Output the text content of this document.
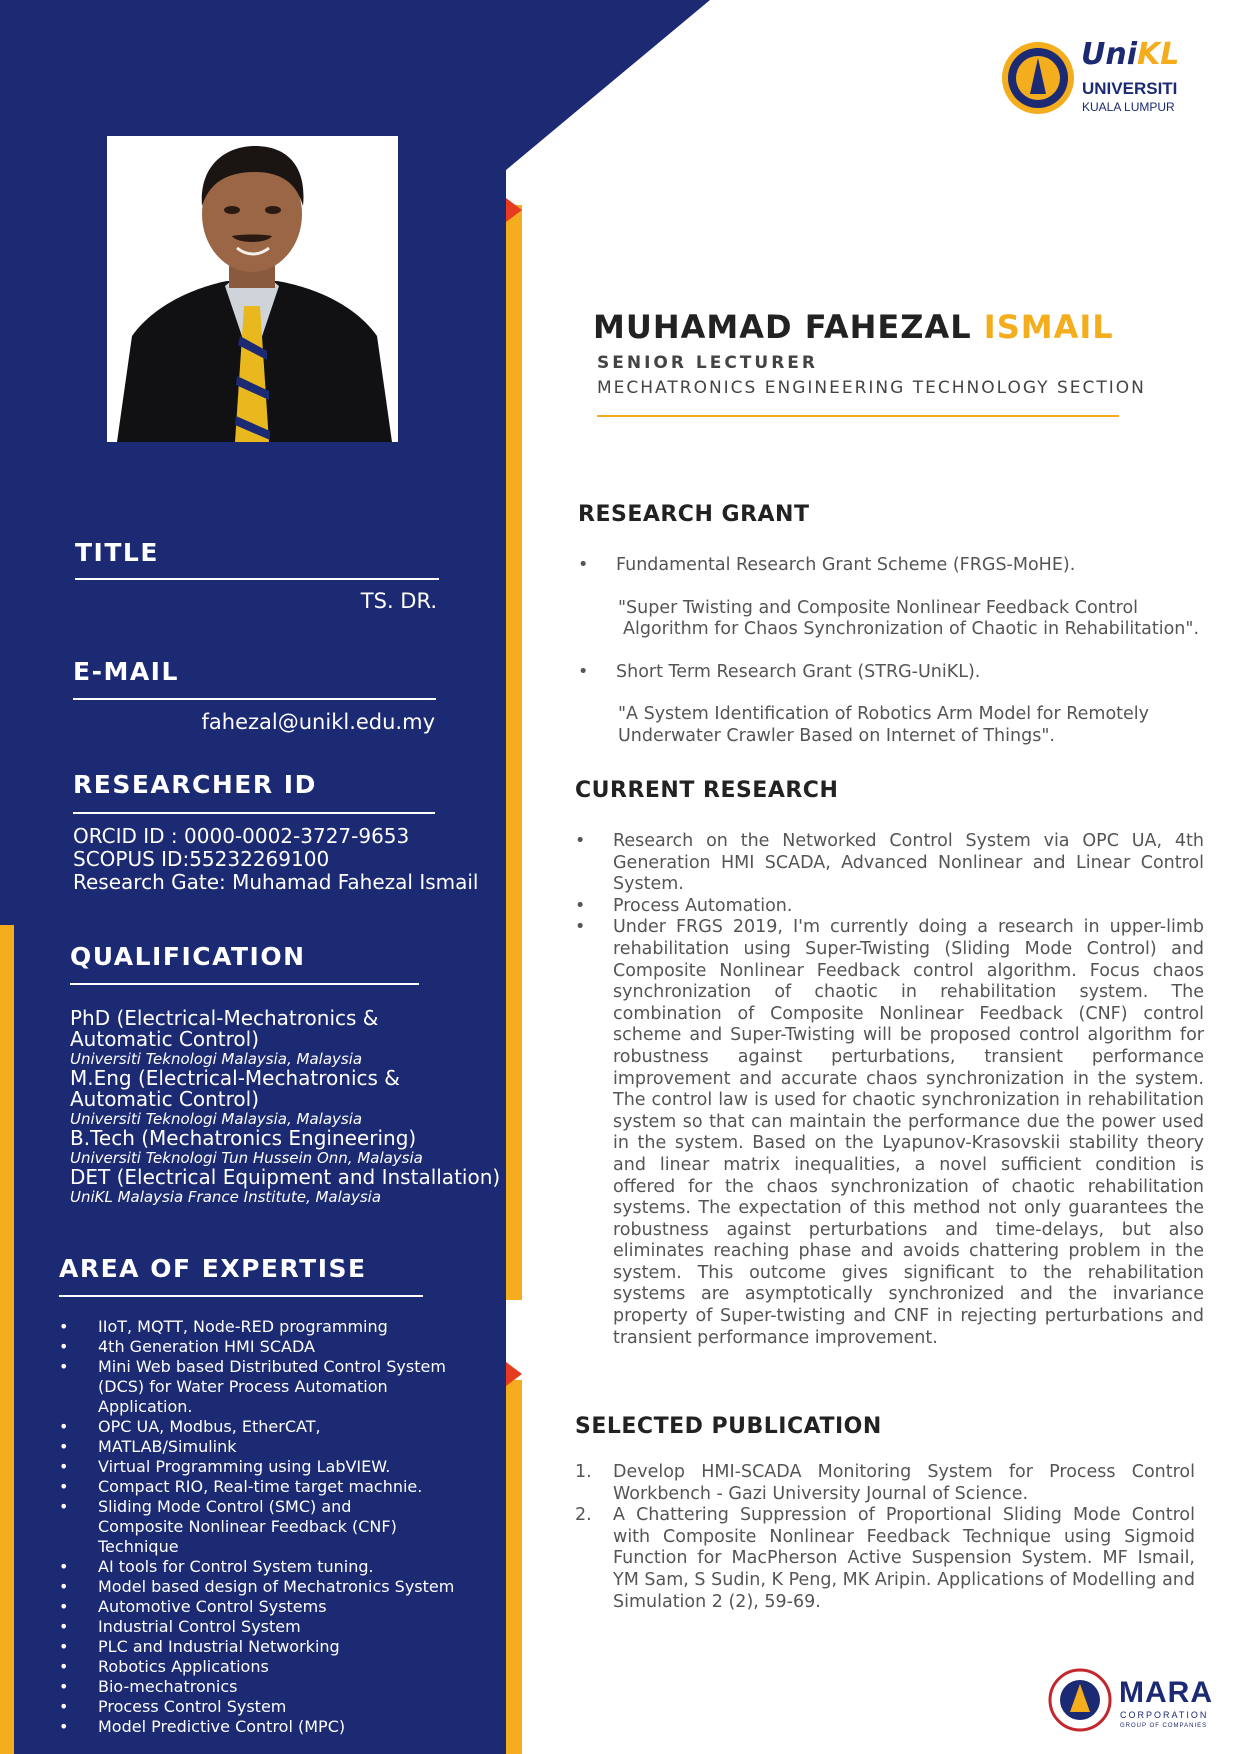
UniKL
UNIVERSITI
KUALA LUMPUR
MUHAMAD FAHEZAL ISMAIL
SENIOR LECTURER
MECHATRONICS ENGINEERING TECHNOLOGY SECTION
TITLE
TS. DR.
E-MAIL
fahezal@unikl.edu.my
RESEARCHER ID
ORCID ID : 0000-0002-3727-9653
SCOPUS ID:55232269100
Research Gate: Muhamad Fahezal Ismail
QUALIFICATION
PhD (Electrical-Mechatronics & Automatic Control)
Universiti Teknologi Malaysia, Malaysia
M.Eng (Electrical-Mechatronics & Automatic Control)
Universiti Teknologi Malaysia, Malaysia
B.Tech (Mechatronics Engineering)
Universiti Teknologi Tun Hussein Onn, Malaysia
DET (Electrical Equipment and Installation)
UniKL Malaysia France Institute, Malaysia
AREA OF EXPERTISE
• IIoT, MQTT, Node-RED programming
• 4th Generation HMI SCADA
• Mini Web based Distributed Control System (DCS) for Water Process Automation Application.
• OPC UA, Modbus, EtherCAT,
• MATLAB/Simulink
• Virtual Programming using LabVIEW.
• Compact RIO, Real-time target machnie.
• Sliding Mode Control (SMC) and Composite Nonlinear Feedback (CNF) Technique
• AI tools for Control System tuning.
• Model based design of Mechatronics System
• Automotive Control Systems
• Industrial Control System
• PLC and Industrial Networking
• Robotics Applications
• Bio-mechatronics
• Process Control System
• Model Predictive Control (MPC)
RESEARCH GRANT
• Fundamental Research Grant Scheme (FRGS-MoHE).
"Super Twisting and Composite Nonlinear Feedback Control
Algorithm for Chaos Synchronization of Chaotic in Rehabilitation".
• Short Term Research Grant (STRG-UniKL).
"A System Identification of Robotics Arm Model for Remotely
Underwater Crawler Based on Internet of Things".
CURRENT RESEARCH
• Research on the Networked Control System via OPC UA, 4th Generation HMI SCADA, Advanced Nonlinear and Linear Control System.
• Process Automation.
• Under FRGS 2019, I'm currently doing a research in upper-limb rehabilitation using Super-Twisting (Sliding Mode Control) and Composite Nonlinear Feedback control algorithm. Focus chaos synchronization of chaotic in rehabilitation system. The combination of Composite Nonlinear Feedback (CNF) control scheme and Super-Twisting will be proposed control algorithm for robustness against perturbations, transient performance improvement and accurate chaos synchronization in the system. The control law is used for chaotic synchronization in rehabilitation system so that can maintain the performance due the power used in the system. Based on the Lyapunov-Krasovskii stability theory and linear matrix inequalities, a novel sufficient condition is offered for the chaos synchronization of chaotic rehabilitation systems. The expectation of this method not only guarantees the robustness against perturbations and time-delays, but also eliminates reaching phase and avoids chattering problem in the system. This outcome gives significant to the rehabilitation systems are asymptotically synchronized and the invariance property of Super-twisting and CNF in rejecting perturbations and transient performance improvement.
SELECTED PUBLICATION
1. Develop HMI-SCADA Monitoring System for Process Control Workbench - Gazi University Journal of Science.
2. A Chattering Suppression of Proportional Sliding Mode Control with Composite Nonlinear Feedback Technique using Sigmoid Function for MacPherson Active Suspension System. MF Ismail, YM Sam, S Sudin, K Peng, MK Aripin. Applications of Modelling and Simulation 2 (2), 59-69.
MARA
CORPORATION
GROUP OF COMPANIES
